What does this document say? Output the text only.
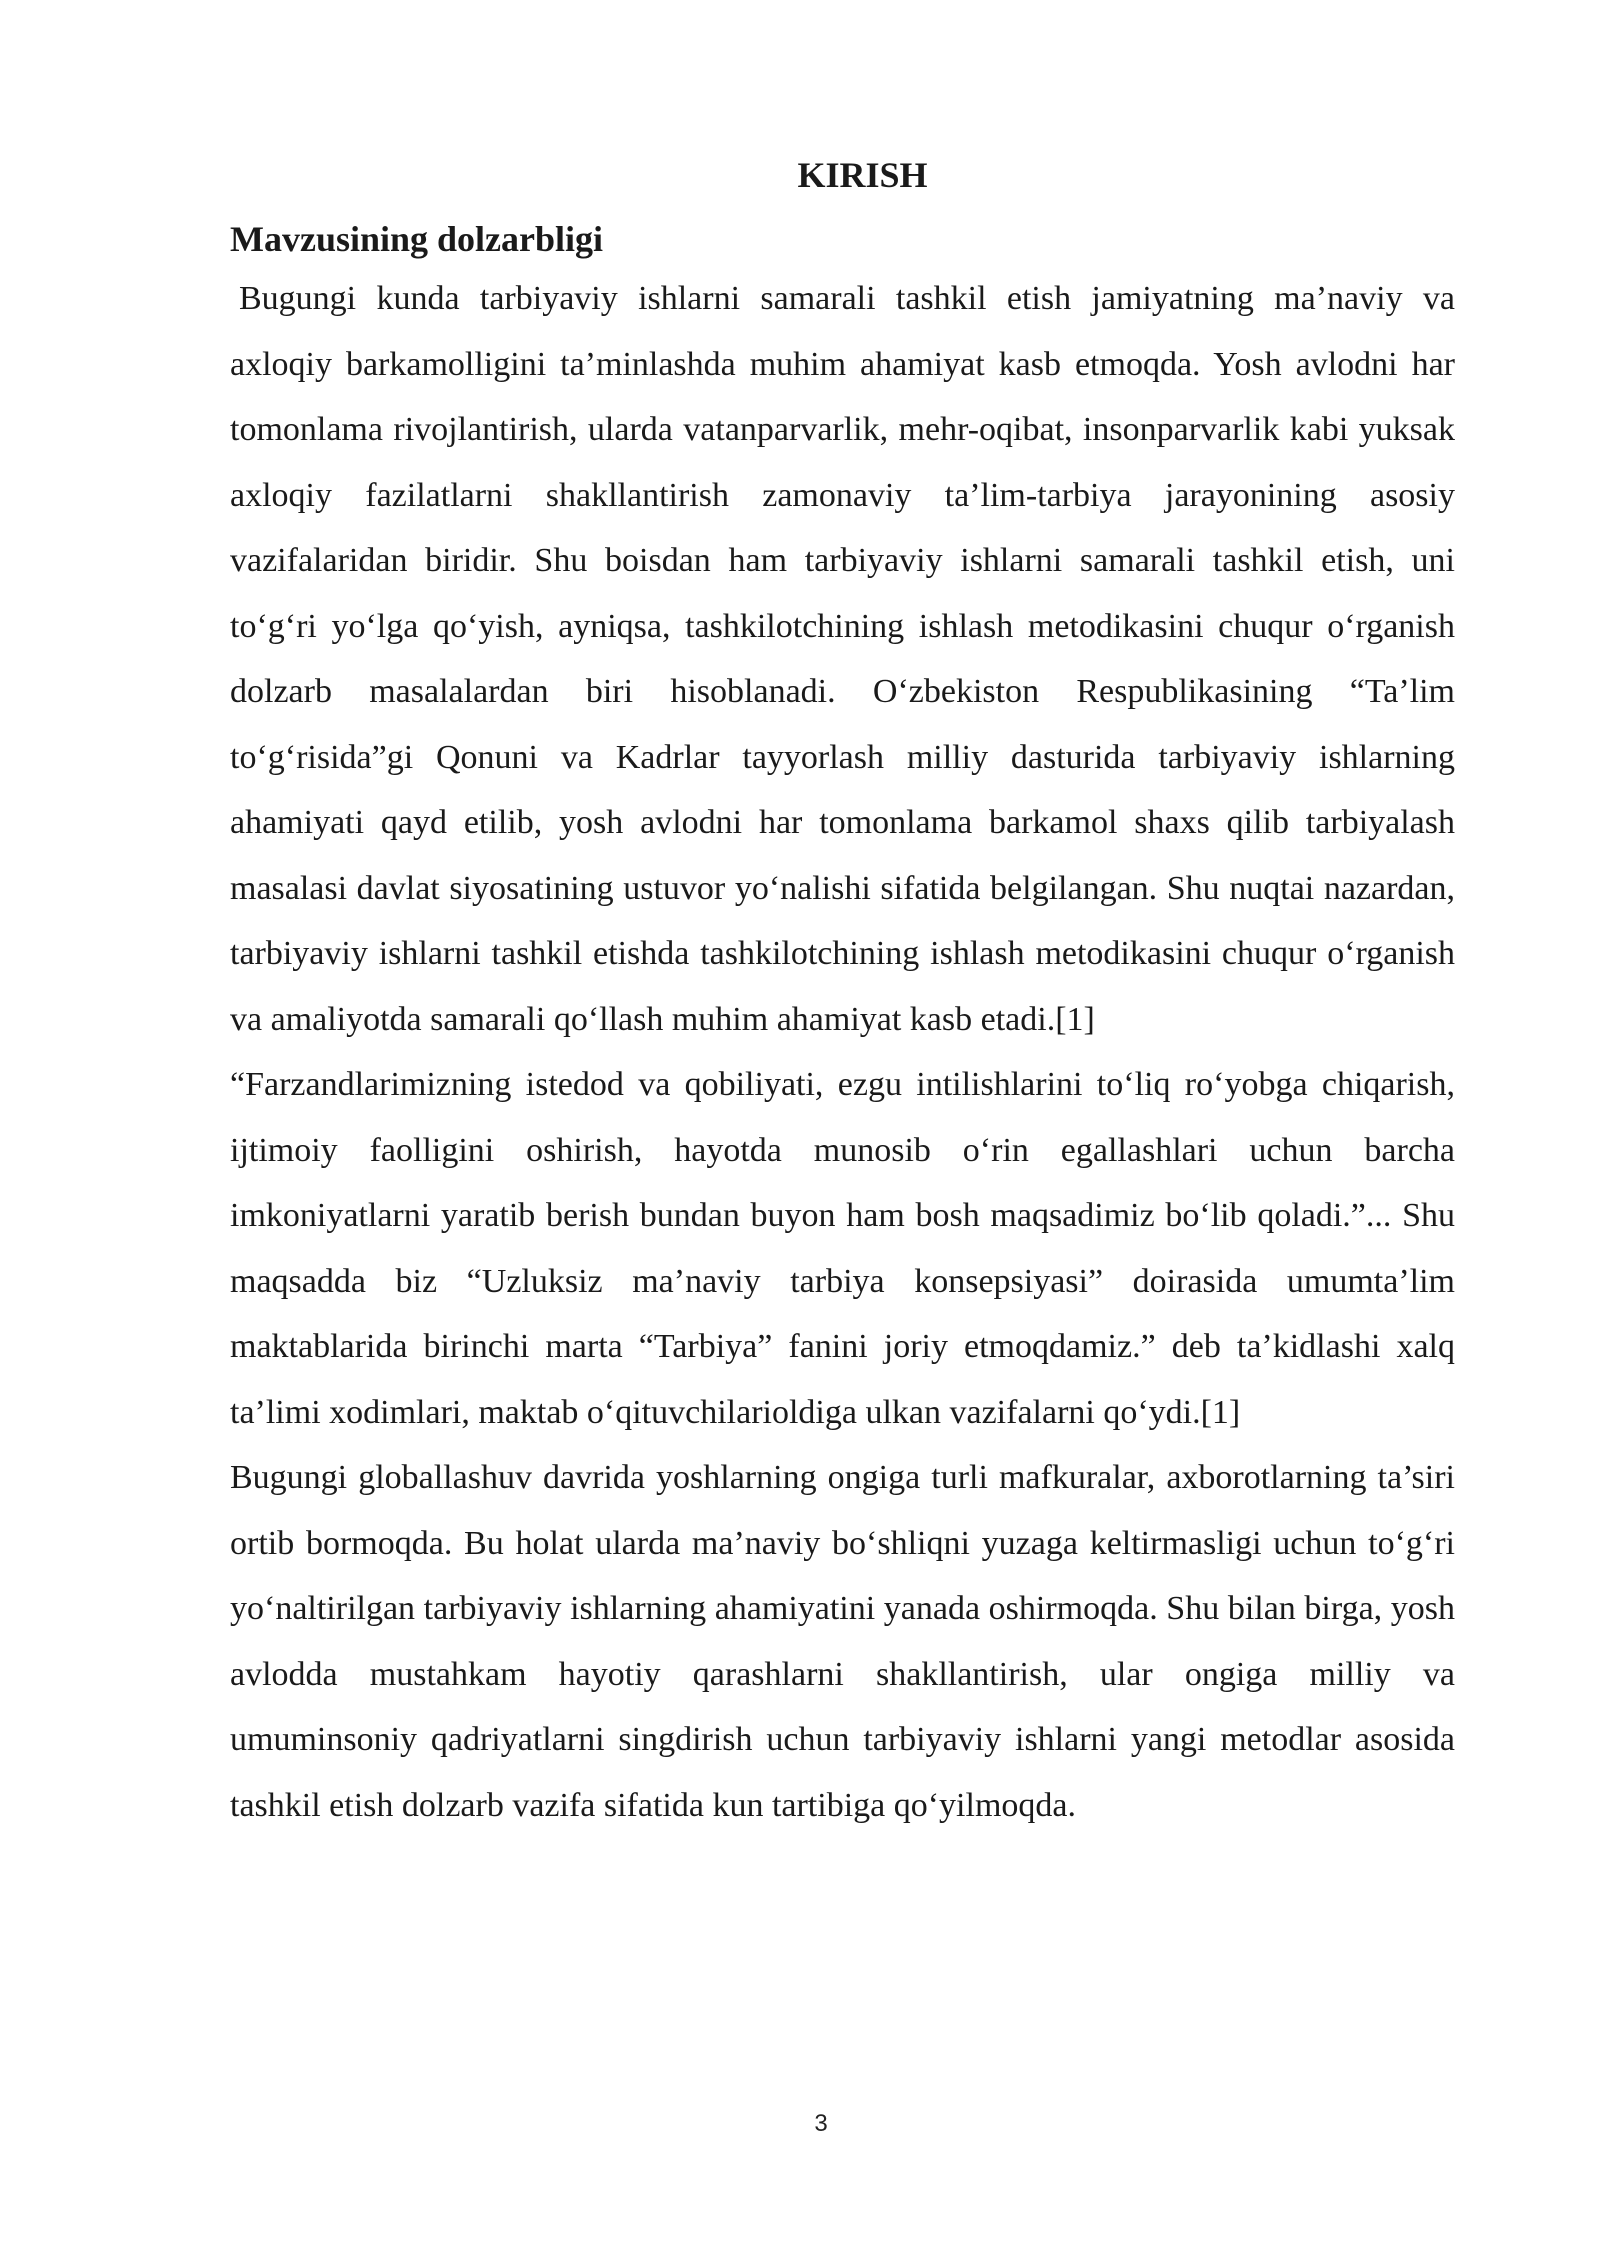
KIRISH
Mavzusining dolzarbligi

Bugungi kunda tarbiyaviy ishlarni samarali tashkil etish jamiyatning ma’naviy va axloqiy barkamolligini ta’minlashda muhim ahamiyat kasb etmoqda. Yosh avlodni har tomonlama rivojlantirish, ularda vatanparvarlik, mehr-oqibat, insonparvarlik kabi yuksak axloqiy fazilatlarni shakllantirish zamonaviy ta’lim-tarbiya jarayonining asosiy vazifalaridan biridir. Shu boisdan ham tarbiyaviy ishlarni samarali tashkil etish, uni to‘g‘ri yo‘lga qo‘yish, ayniqsa, tashkilotchining ishlash metodikasini chuqur o‘rganish dolzarb masalalardan biri hisoblanadi. O‘zbekiston Respublikasining “Ta’lim to‘g‘risida”gi Qonuni va Kadrlar tayyorlash milliy dasturida tarbiyaviy ishlarning ahamiyati qayd etilib, yosh avlodni har tomonlama barkamol shaxs qilib tarbiyalash masalasi davlat siyosatining ustuvor yo‘nalishi sifatida belgilangan. Shu nuqtai nazardan, tarbiyaviy ishlarni tashkil etishda tashkilotchining ishlash metodikasini chuqur o‘rganish va amaliyotda samarali qo‘llash muhim ahamiyat kasb etadi.[1]

“Farzandlarimizning istedod va qobiliyati, ezgu intilishlarini to‘liq ro‘yobga chiqarish, ijtimoiy faolligini oshirish, hayotda munosib o‘rin egallashlari uchun barcha imkoniyatlarni yaratib berish bundan buyon ham bosh maqsadimiz bo‘lib qoladi.”... Shu maqsadda biz “Uzluksiz ma’naviy tarbiya konsepsiyasi” doirasida umumta’lim maktablarida birinchi marta “Tarbiya” fanini joriy etmoqdamiz.” deb ta’kidlashi xalq ta’limi xodimlari, maktab o‘qituvchilarioldiga ulkan vazifalarni qo‘ydi.[1]

Bugungi globallashuv davrida yoshlarning ongiga turli mafkuralar, axborotlarning ta’siri ortib bormoqda. Bu holat ularda ma’naviy bo‘shliqni yuzaga keltirmasligi uchun to‘g‘ri yo‘naltirilgan tarbiyaviy ishlarning ahamiyatini yanada oshirmoqda. Shu bilan birga, yosh avlodda mustahkam hayotiy qarashlarni shakllantirish, ular ongiga milliy va umuminsoniy qadriyatlarni singdirish uchun tarbiyaviy ishlarni yangi metodlar asosida tashkil etish dolzarb vazifa sifatida kun tartibiga qo‘yilmoqda.

3
